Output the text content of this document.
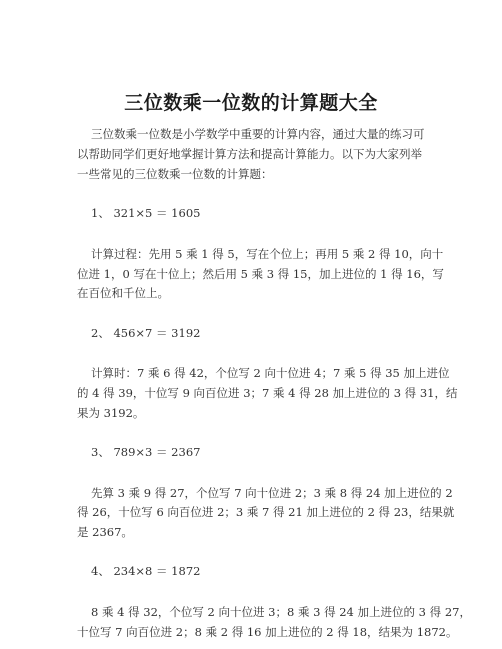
三位数乘一位数的计算题大全
三位数乘一位数是小学数学中重要的计算内容，通过大量的练习可
以帮助同学们更好地掌握计算方法和提高计算能力。以下为大家列举
一些常见的三位数乘一位数的计算题：
1、 321×5 ＝ 1605
计算过程：先用 5 乘 1 得 5，写在个位上；再用 5 乘 2 得 10，向十
位进 1，0 写在十位上；然后用 5 乘 3 得 15，加上进位的 1 得 16，写
在百位和千位上。
2、 456×7 ＝ 3192
计算时：7 乘 6 得 42，个位写 2 向十位进 4；7 乘 5 得 35 加上进位
的 4 得 39，十位写 9 向百位进 3；7 乘 4 得 28 加上进位的 3 得 31，结
果为 3192。
3、 789×3 ＝ 2367
先算 3 乘 9 得 27，个位写 7 向十位进 2；3 乘 8 得 24 加上进位的 2
得 26，十位写 6 向百位进 2；3 乘 7 得 21 加上进位的 2 得 23，结果就
是 2367。
4、 234×8 ＝ 1872
8 乘 4 得 32，个位写 2 向十位进 3；8 乘 3 得 24 加上进位的 3 得 27，
十位写 7 向百位进 2；8 乘 2 得 16 加上进位的 2 得 18，结果为 1872。
